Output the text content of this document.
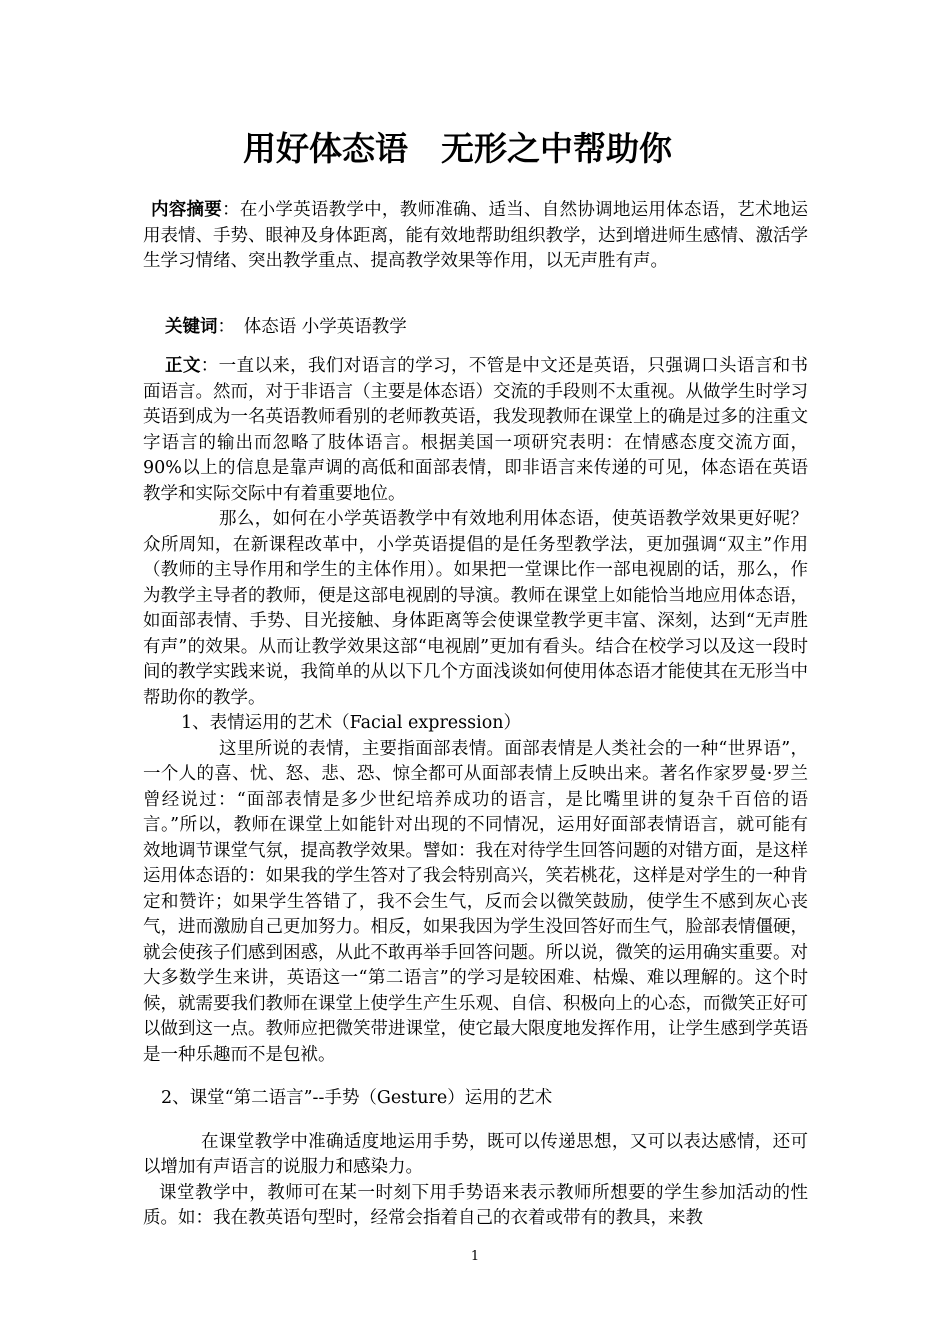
用好体态语　无形之中帮助你

内容摘要：在小学英语教学中，教师准确、适当、自然协调地运用体态语，艺术地运用表情、手势、眼神及身体距离，能有效地帮助组织教学，达到增进师生感情、激活学生学习情绪、突出教学重点、提高教学效果等作用，以无声胜有声。

关键词：　体态语 小学英语教学

正文：一直以来，我们对语言的学习，不管是中文还是英语，只强调口头语言和书面语言。然而，对于非语言（主要是体态语）交流的手段则不太重视。从做学生时学习英语到成为一名英语教师看别的老师教英语，我发现教师在课堂上的确是过多的注重文字语言的输出而忽略了肢体语言。根据美国一项研究表明：在情感态度交流方面，90%以上的信息是靠声调的高低和面部表情，即非语言来传递的可见，体态语在英语教学和实际交际中有着重要地位。

那么，如何在小学英语教学中有效地利用体态语，使英语教学效果更好呢？众所周知，在新课程改革中，小学英语提倡的是任务型教学法，更加强调“双主”作用（教师的主导作用和学生的主体作用）。如果把一堂课比作一部电视剧的话，那么，作为教学主导者的教师，便是这部电视剧的导演。教师在课堂上如能恰当地应用体态语，如面部表情、手势、目光接触、身体距离等会使课堂教学更丰富、深刻，达到“无声胜有声”的效果。从而让教学效果这部“电视剧”更加有看头。结合在校学习以及这一段时间的教学实践来说，我简单的从以下几个方面浅谈如何使用体态语才能使其在无形当中帮助你的教学。

1、表情运用的艺术（Facial expression）

这里所说的表情，主要指面部表情。面部表情是人类社会的一种“世界语”，一个人的喜、忧、怒、悲、恐、惊全都可从面部表情上反映出来。著名作家罗曼·罗兰曾经说过：“面部表情是多少世纪培养成功的语言，是比嘴里讲的复杂千百倍的语言。”所以，教师在课堂上如能针对出现的不同情况，运用好面部表情语言，就可能有效地调节课堂气氛，提高教学效果。譬如：我在对待学生回答问题的对错方面，是这样运用体态语的：如果我的学生答对了我会特别高兴，笑若桃花，这样是对学生的一种肯定和赞许；如果学生答错了，我不会生气，反而会以微笑鼓励，使学生不感到灰心丧气，进而激励自己更加努力。相反，如果我因为学生没回答好而生气，脸部表情僵硬，就会使孩子们感到困惑，从此不敢再举手回答问题。所以说，微笑的运用确实重要。对大多数学生来讲，英语这一“第二语言”的学习是较困难、枯燥、难以理解的。这个时候，就需要我们教师在课堂上使学生产生乐观、自信、积极向上的心态，而微笑正好可以做到这一点。教师应把微笑带进课堂，使它最大限度地发挥作用，让学生感到学英语是一种乐趣而不是包袱。

2、课堂“第二语言”--手势（Gesture）运用的艺术

在课堂教学中准确适度地运用手势，既可以传递思想，又可以表达感情，还可以增加有声语言的说服力和感染力。

课堂教学中，教师可在某一时刻下用手势语来表示教师所想要的学生参加活动的性质。如：我在教英语句型时，经常会指着自己的衣着或带有的教具，来教

1
